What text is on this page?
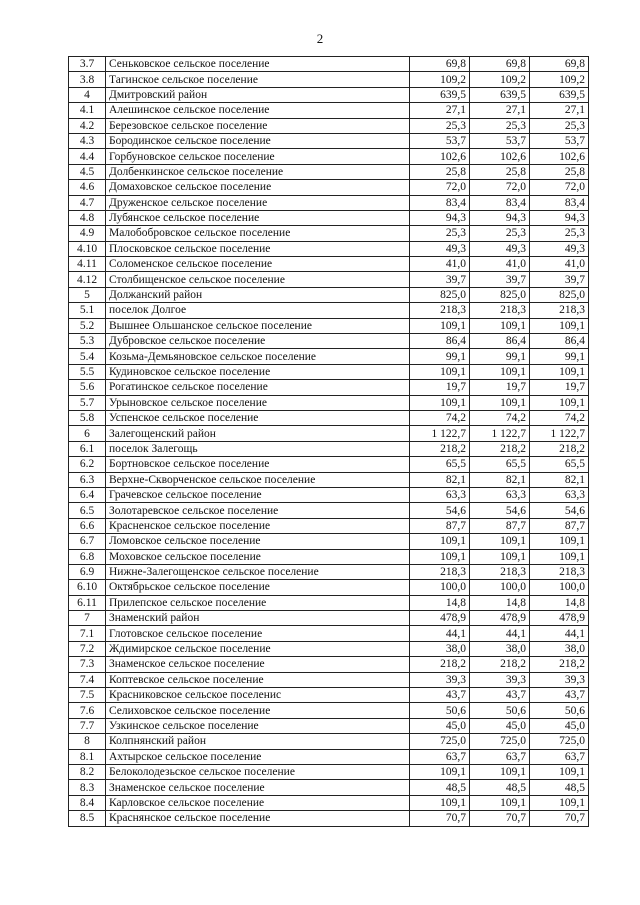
2
3.7	Сеньковское сельское поселение	69,8	69,8	69,8
3.8	Тагинское сельское поселение	109,2	109,2	109,2
4	Дмитровский район	639,5	639,5	639,5
4.1	Алешинское сельское поселение	27,1	27,1	27,1
4.2	Березовское сельское поселение	25,3	25,3	25,3
4.3	Бородинское сельское поселение	53,7	53,7	53,7
4.4	Горбуновское сельское поселение	102,6	102,6	102,6
4.5	Долбенкинское сельское поселение	25,8	25,8	25,8
4.6	Домаховское сельское поселение	72,0	72,0	72,0
4.7	Друженское сельское поселение	83,4	83,4	83,4
4.8	Лубянское сельское поселение	94,3	94,3	94,3
4.9	Малобобровское сельское поселение	25,3	25,3	25,3
4.10	Плосковское сельское поселение	49,3	49,3	49,3
4.11	Соломенское сельское поселение	41,0	41,0	41,0
4.12	Столбищенское сельское поселение	39,7	39,7	39,7
5	Должанский район	825,0	825,0	825,0
5.1	поселок Долгое	218,3	218,3	218,3
5.2	Вышнее Ольшанское сельское поселение	109,1	109,1	109,1
5.3	Дубровское сельское поселение	86,4	86,4	86,4
5.4	Козьма-Демьяновское сельское поселение	99,1	99,1	99,1
5.5	Кудиновское сельское поселение	109,1	109,1	109,1
5.6	Рогатинское сельское поселение	19,7	19,7	19,7
5.7	Урыновское сельское поселение	109,1	109,1	109,1
5.8	Успенское сельское поселение	74,2	74,2	74,2
6	Залегощенский район	1 122,7	1 122,7	1 122,7
6.1	поселок Залегощь	218,2	218,2	218,2
6.2	Бортновское сельское поселение	65,5	65,5	65,5
6.3	Верхне-Скворченское сельское поселение	82,1	82,1	82,1
6.4	Грачевское сельское поселение	63,3	63,3	63,3
6.5	Золотаревское сельское поселение	54,6	54,6	54,6
6.6	Красненское сельское поселение	87,7	87,7	87,7
6.7	Ломовское сельское поселение	109,1	109,1	109,1
6.8	Моховское сельское поселение	109,1	109,1	109,1
6.9	Нижне-Залегощенское сельское поселение	218,3	218,3	218,3
6.10	Октябрьское сельское поселение	100,0	100,0	100,0
6.11	Прилепское сельское поселение	14,8	14,8	14,8
7	Знаменский район	478,9	478,9	478,9
7.1	Глотовское сельское поселение	44,1	44,1	44,1
7.2	Ждимирское сельское поселение	38,0	38,0	38,0
7.3	Знаменское сельское поселение	218,2	218,2	218,2
7.4	Коптевское сельское поселение	39,3	39,3	39,3
7.5	Красниковское сельское поселенис	43,7	43,7	43,7
7.6	Селиховское сельское поселение	50,6	50,6	50,6
7.7	Узкинское сельское поселение	45,0	45,0	45,0
8	Колпнянский район	725,0	725,0	725,0
8.1	Ахтырское сельское поселение	63,7	63,7	63,7
8.2	Белоколодезьское сельское поселение	109,1	109,1	109,1
8.3	Знаменское сельское поселение	48,5	48,5	48,5
8.4	Карловское сельское поселение	109,1	109,1	109,1
8.5	Краснянское сельское поселение	70,7	70,7	70,7
